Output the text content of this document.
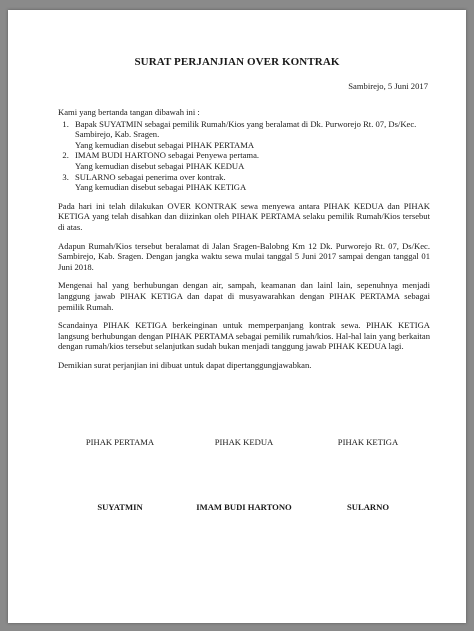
SURAT PERJANJIAN OVER KONTRAK
Sambirejo, 5 Juni 2017

Kami yang bertanda tangan dibawah ini :

1. Bapak SUYATMIN sebagai pemilik Rumah/Kios yang beralamat di Dk. Purworejo Rt. 07, Ds/Kec. Sambirejo, Kab. Sragen.
Yang kemudian disebut sebagai PIHAK PERTAMA
2. IMAM BUDI HARTONO sebagai Penyewa pertama.
Yang kemudian disebut sebagai PIHAK KEDUA
3. SULARNO sebagai penerima over kontrak.
Yang kemudian disebut sebagai PIHAK KETIGA

Pada hari ini telah dilakukan OVER KONTRAK sewa menyewa antara PIHAK KEDUA dan PIHAK KETIGA yang telah disahkan dan diizinkan oleh PIHAK PERTAMA selaku pemilik Rumah/Kios tersebut di atas.

Adapun Rumah/Kios tersebut beralamat di Jalan Sragen-Balobng Km 12 Dk. Purworejo Rt. 07, Ds/Kec. Sambirejo, Kab. Sragen. Dengan jangka waktu sewa mulai tanggal 5 Juni 2017 sampai dengan tanggal 01 Juni 2018.

Mengenai hal yang berhubungan dengan air, sampah, keamanan dan lainl lain, sepenuhnya menjadi langgung jawab PIHAK KETIGA dan dapat di musyawarahkan dengan PIHAK PERTAMA sebagai pemilik Rumah.

Scandainya PIHAK KETIGA berkeinginan untuk memperpanjang kontrak sewa. PIHAK KETIGA langsung berhubungan dengan PIHAK PERTAMA sebagai pemilik rumah/kios. Hal-hal lain yang berkaitan dengan rumah/kios tersebut selanjutkan sudah bukan menjadi tanggung jawab PIHAK KEDUA lagi.

Demikian surat perjanjian ini dibuat untuk dapat dipertanggungjawabkan.

PIHAK PERTAMA	PIHAK KEDUA	PIHAK KETIGA
SUYATMIN	IMAM BUDI HARTONO	SULARNO
